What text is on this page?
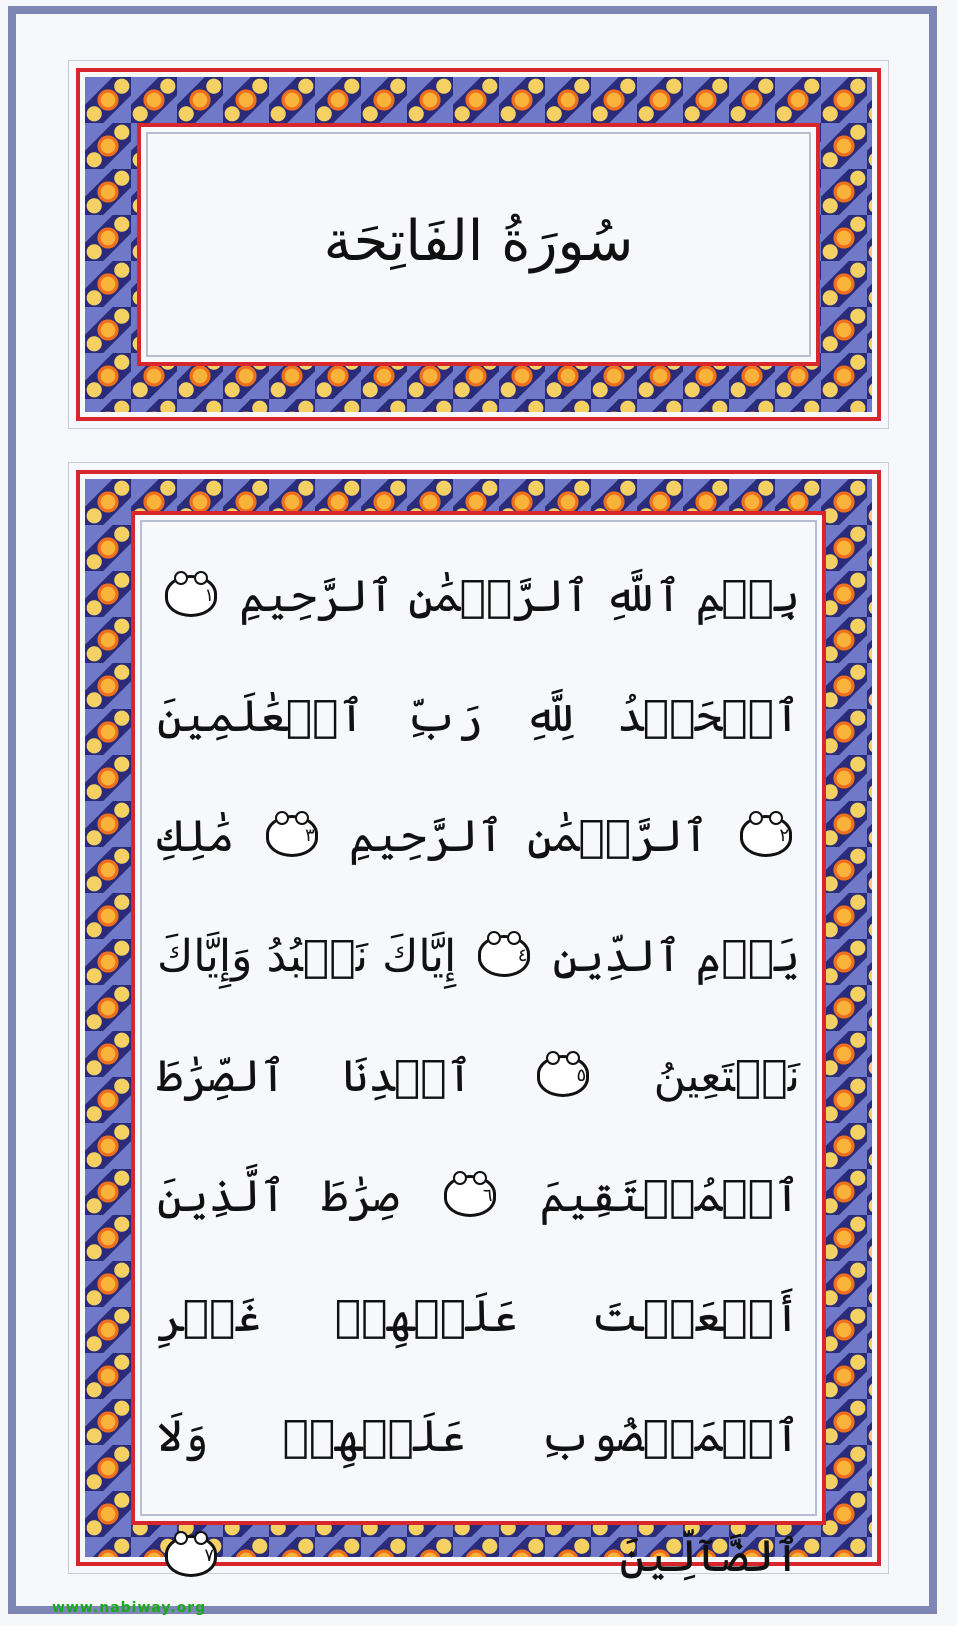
سُورَةُ الفَاتِحَة
بِسۡمِ ٱللَّهِ ٱلرَّحۡمَٰنِ ٱلرَّحِيمِ ١ ٱلۡحَمۡدُ لِلَّهِ رَبِّ ٱلۡعَٰلَمِينَ ٢ ٱلرَّحۡمَٰنِ ٱلرَّحِيمِ ٣ مَٰلِكِ يَوۡمِ ٱلدِّينِ ٤ إِيَّاكَ نَعۡبُدُ وَإِيَّاكَ نَسۡتَعِينُ ٥ ٱهۡدِنَا ٱلصِّرَٰطَ ٱلۡمُسۡتَقِيمَ ٦ صِرَٰطَ ٱلَّذِينَ أَنۡعَمۡتَ عَلَيۡهِمۡ غَيۡرِ ٱلۡمَغۡضُوبِ عَلَيۡهِمۡ وَلَا ٱلضَّآلِّينَ ٧
www.nabiway.org
